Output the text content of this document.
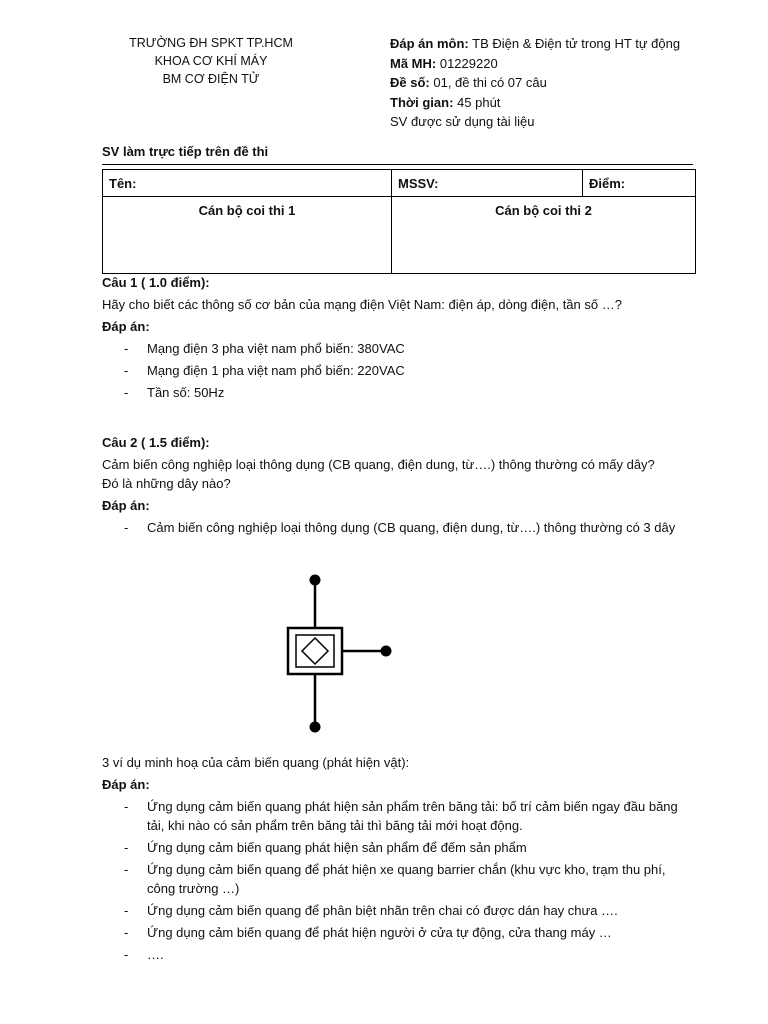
TRƯỜNG ĐH SPKT TP.HCM
KHOA CƠ KHÍ MÁY
BM CƠ ĐIỆN TỬ
Đáp án môn: TB Điện & Điện tử trong HT tự động
Mã MH: 01229220
Đề số: 01, đề thi có 07 câu
Thời gian: 45 phút
SV được sử dụng tài liệu
SV làm trực tiếp trên đề thi
Tên:	MSSV:	Điểm:
Cán bộ coi thi 1	Cán bộ coi thi 2	
Câu 1 ( 1.0 điểm):
Hãy cho biết các thông số cơ bản của mạng điện Việt Nam: điện áp, dòng điện, tần số …?
Đáp án:
- Mạng điện 3 pha việt nam phổ biến: 380VAC
- Mạng điện 1 pha việt nam phổ biến: 220VAC
- Tần số: 50Hz
Câu 2 ( 1.5 điểm):
Cảm biến công nghiệp loại thông dụng (CB quang, điện dung, từ….) thông thường có mấy dây?
Đó là những dây nào?
Đáp án:
- Cảm biến công nghiệp loại thông dụng (CB quang, điện dung, từ….) thông thường có 3 dây
3 ví dụ minh hoạ của cảm biến quang (phát hiện vật):
Đáp án:
- Ứng dụng cảm biến quang phát hiện sản phẩm trên băng tải: bố trí cảm biến ngay đầu băng tải, khi nào có sản phẩm trên băng tải thì băng tải mới hoạt động.
- Ứng dụng cảm biến quang phát hiện sản phẩm để đếm sản phẩm
- Ứng dụng cảm biến quang để phát hiện xe quang barrier chắn (khu vực kho, trạm thu phí, công trường …)
- Ứng dụng cảm biến quang để phân biệt nhãn trên chai có được dán hay chưa ….
- Ứng dụng cảm biến quang để phát hiện người ở cửa tự động, cửa thang máy …
- ….
